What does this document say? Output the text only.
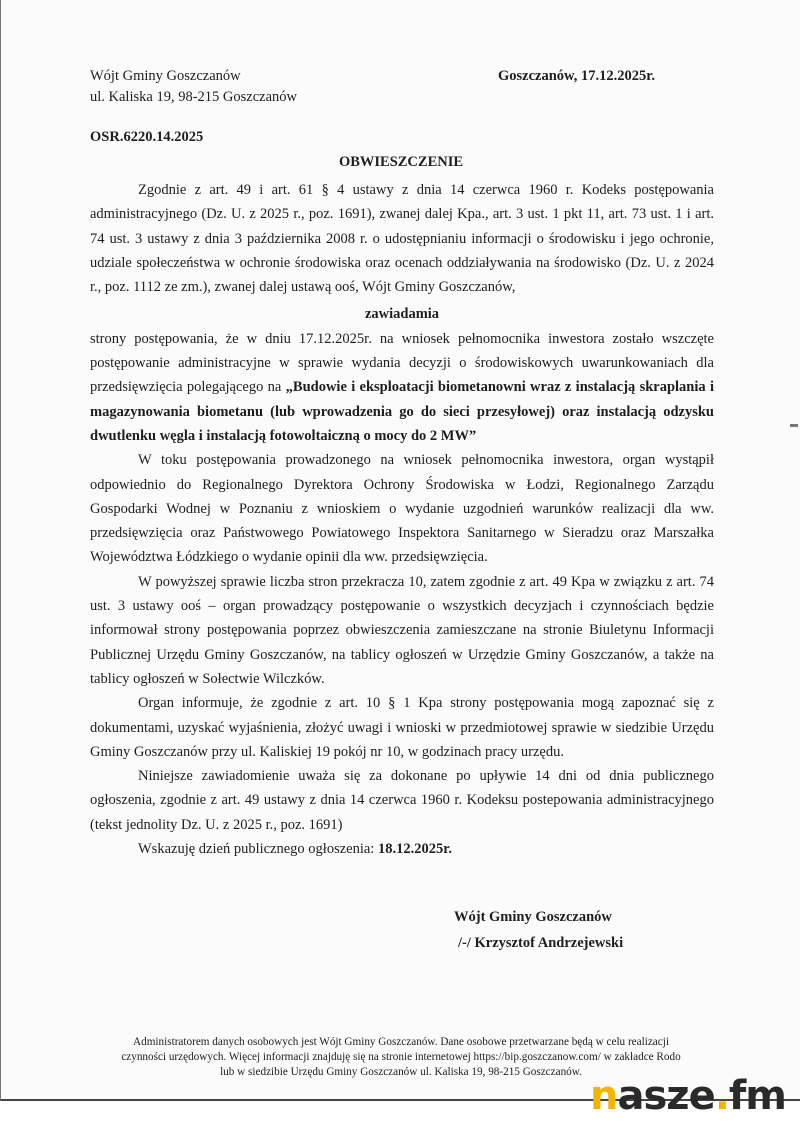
Wójt Gminy Goszczanów
ul. Kaliska 19, 98-215 Goszczanów
Goszczanów, 17.12.2025r.
OSR.6220.14.2025
OBWIESZCZENIE

Zgodnie z art. 49 i art. 61 § 4 ustawy z dnia 14 czerwca 1960 r. Kodeks postępowania administracyjnego (Dz. U. z 2025 r., poz. 1691), zwanej dalej Kpa., art. 3 ust. 1 pkt 11, art. 73 ust. 1 i art. 74 ust. 3 ustawy z dnia 3 października 2008 r. o udostępnianiu informacji o środowisku i jego ochronie, udziale społeczeństwa w ochronie środowiska oraz ocenach oddziaływania na środowisko (Dz. U. z 2024 r., poz. 1112 ze zm.), zwanej dalej ustawą ooś, Wójt Gminy Goszczanów,

zawiadamia

strony postępowania, że w dniu 17.12.2025r. na wniosek pełnomocnika inwestora zostało wszczęte postępowanie administracyjne w sprawie wydania decyzji o środowiskowych uwarunkowaniach dla przedsięwzięcia polegającego na „Budowie i eksploatacji biometanowni wraz z instalacją skraplania i magazynowania biometanu (lub wprowadzenia go do sieci przesyłowej) oraz instalacją odzysku dwutlenku węgla i instalacją fotowoltaiczną o mocy do 2 MW”

W toku postępowania prowadzonego na wniosek pełnomocnika inwestora, organ wystąpił odpowiednio do Regionalnego Dyrektora Ochrony Środowiska w Łodzi, Regionalnego Zarządu Gospodarki Wodnej w Poznaniu z wnioskiem o wydanie uzgodnień warunków realizacji dla ww. przedsięwzięcia oraz Państwowego Powiatowego Inspektora Sanitarnego w Sieradzu oraz Marszałka Województwa Łódzkiego o wydanie opinii dla ww. przedsięwzięcia.

W powyższej sprawie liczba stron przekracza 10, zatem zgodnie z art. 49 Kpa w związku z art. 74 ust. 3 ustawy ooś – organ prowadzący postępowanie o wszystkich decyzjach i czynnościach będzie informował strony postępowania poprzez obwieszczenia zamieszczane na stronie Biuletynu Informacji Publicznej Urzędu Gminy Goszczanów, na tablicy ogłoszeń w Urzędzie Gminy Goszczanów, a także na tablicy ogłoszeń w Sołectwie Wilczków.

Organ informuje, że zgodnie z art. 10 § 1 Kpa strony postępowania mogą zapoznać się z dokumentami, uzyskać wyjaśnienia, złożyć uwagi i wnioski w przedmiotowej sprawie w siedzibie Urzędu Gminy Goszczanów przy ul. Kaliskiej 19 pokój nr 10, w godzinach pracy urzędu.

Niniejsze zawiadomienie uważa się za dokonane po upływie 14 dni od dnia publicznego ogłoszenia, zgodnie z art. 49 ustawy z dnia 14 czerwca 1960 r. Kodeksu postepowania administracyjnego (tekst jednolity Dz. U. z 2025 r., poz. 1691)

Wskazuję dzień publicznego ogłoszenia: 18.12.2025r.

Wójt Gminy Goszczanów
/-/ Krzysztof Andrzejewski
Administratorem danych osobowych jest Wójt Gminy Goszczanów. Dane osobowe przetwarzane będą w celu realizacji
czynności urzędowych. Więcej informacji znajduję się na stronie internetowej https://bip.goszczanow.com/ w zakładce Rodo
lub w siedzibie Urzędu Gminy Goszczanów ul. Kaliska 19, 98-215 Goszczanów.
nasze.fm
